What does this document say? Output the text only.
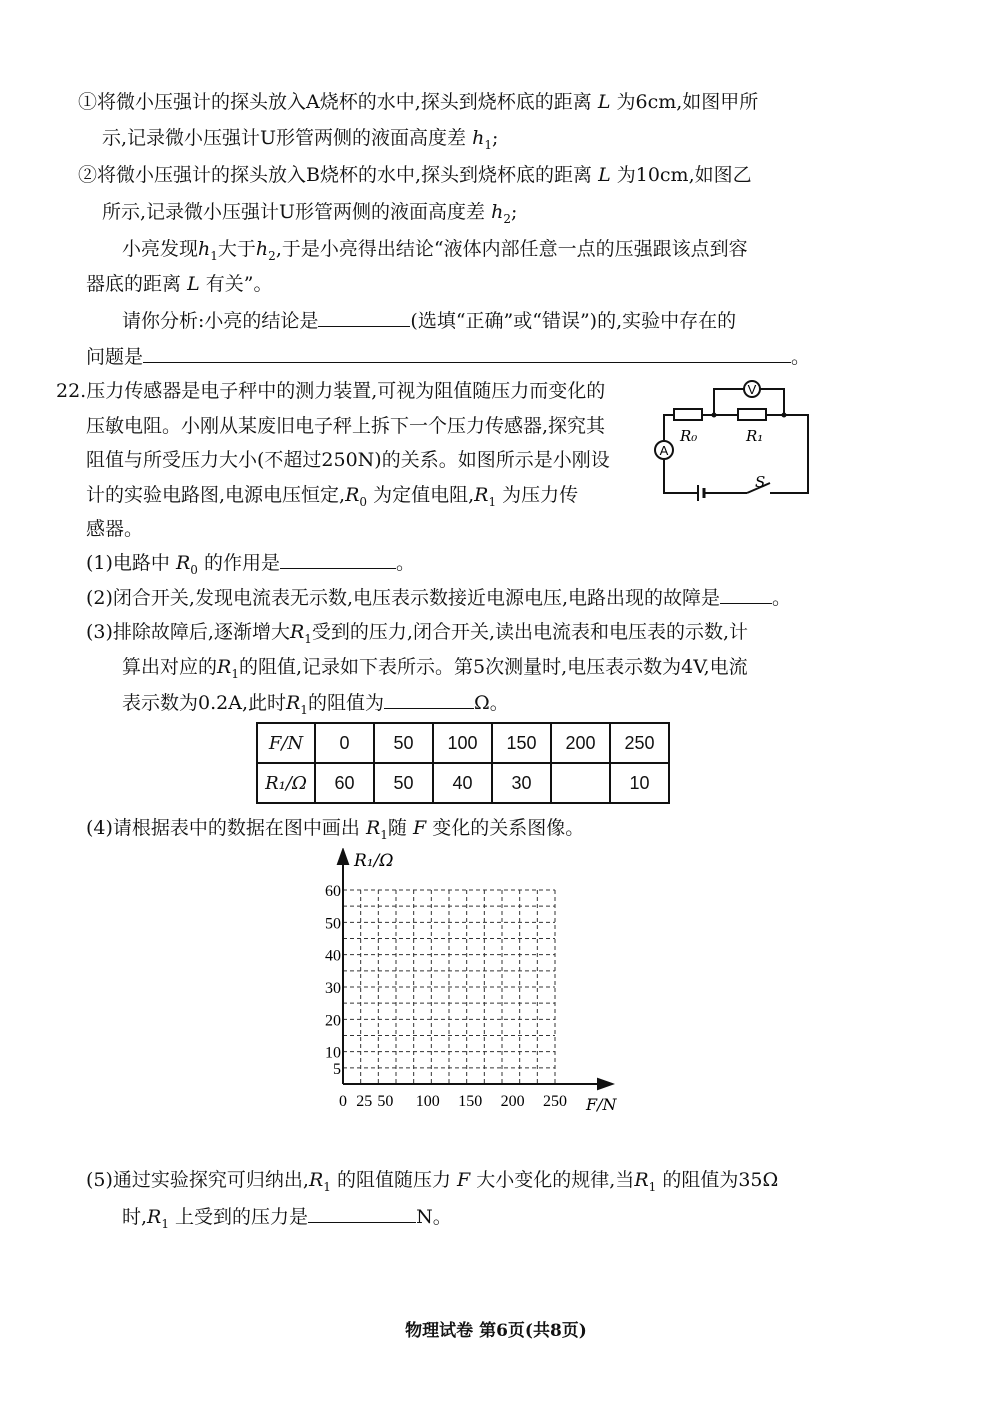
①将微小压强计的探头放入A烧杯的水中,探头到烧杯底的距离 L 为6cm,如图甲所
示,记录微小压强计U形管两侧的液面高度差 $h_1$;
②将微小压强计的探头放入B烧杯的水中,探头到烧杯底的距离 L 为10cm,如图乙
所示,记录微小压强计U形管两侧的液面高度差 $h_2$;
小亮发现$h_1$大于$h_2$,于是小亮得出结论“液体内部任意一点的压强跟该点到容
器底的距离 L 有关”。
请你分析:小亮的结论是	(选填“正确”或“错误”)的,实验中存在的
问题是	。
22.压力传感器是电子秤中的测力装置,可视为阻值随压力而变化的
压敏电阻。小刚从某废旧电子秤上拆下一个压力传感器,探究其
阻值与所受压力大小(不超过250N)的关系。如图所示是小刚设
计的实验电路图,电源电压恒定$,R_0$ 为定值电阻$,R_1$ 为压力传
感器。
V
A
R₀	R₁
S
(1)电路中 $R_0$ 的作用是	。
(2)闭合开关,发现电流表无示数,电压表示数接近电源电压,电路出现的故障是	。
(3)排除故障后,逐渐增大$R_1$受到的压力,闭合开关,读出电流表和电压表的示数,计
算出对应的$R_1$的阻值,记录如下表所示。第5次测量时,电压表示数为4V,电流
表示数为0.2A,此时$R_1$的阻值为	Ω。
F/N	0	50	100	150	200	250
R₁/Ω	60	50	40	30		10
(4)请根据表中的数据在图中画出 $R_1$随 F 变化的关系图像。
R₁/Ω
F/N
60
50
40
30
20
10
5
0 25 50 100 150 200 250
(5)通过实验探究可归纳出$,R_1$ 的阻值随压力 F 大小变化的规律,当$R_1$ 的阻值为35Ω
时$,R_1$ 上受到的压力是	N。
物理试卷 第6页(共8页)
